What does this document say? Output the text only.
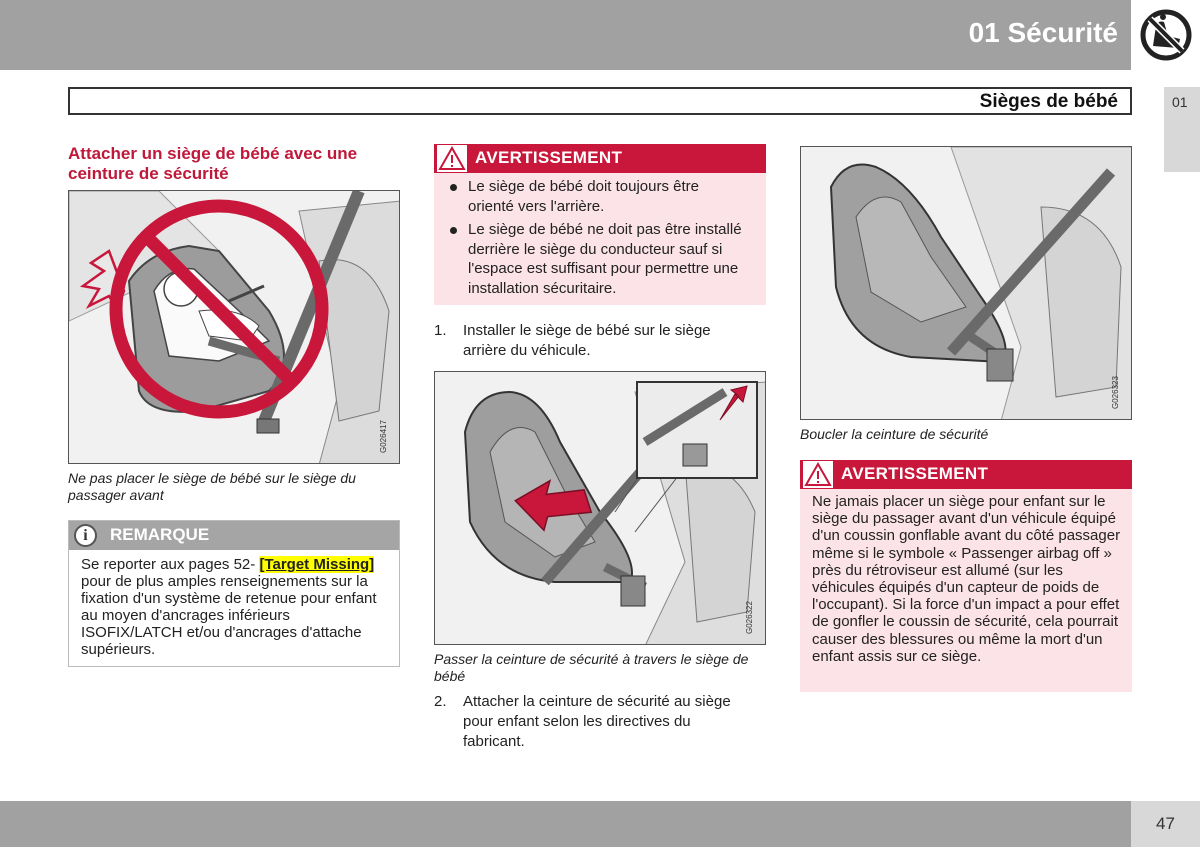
01 Sécurité
Sièges de bébé	01
Attacher un siège de bébé avec une ceinture de sécurité
G026417
Ne pas placer le siège de bébé sur le siège du passager avant
i	REMARQUE
Se reporter aux pages 52- [Target Missing] pour de plus amples renseignements sur la fixation d'un système de retenue pour enfant au moyen d'ancrages inférieurs ISOFIX/LATCH et/ou d'ancrages d'attache supérieurs.
AVERTISSEMENT
Le siège de bébé doit toujours être orienté vers l'arrière.
Le siège de bébé ne doit pas être installé derrière le siège du conducteur sauf si l'espace est suffisant pour permettre une installation sécuritaire.
1. Installer le siège de bébé sur le siège arrière du véhicule.
G026322
Passer la ceinture de sécurité à travers le siège de bébé
2. Attacher la ceinture de sécurité au siège pour enfant selon les directives du fabricant.
G026323
Boucler la ceinture de sécurité
AVERTISSEMENT
Ne jamais placer un siège pour enfant sur le siège du passager avant d'un véhicule équipé d'un coussin gonflable avant du côté passager même si le symbole « Passenger airbag off » près du rétroviseur est allumé (sur les véhicules équipés d'un capteur de poids de l'occupant). Si la force d'un impact a pour effet de gonfler le coussin de sécurité, cela pourrait causer des blessures ou même la mort d'un enfant assis sur ce siège.
47
